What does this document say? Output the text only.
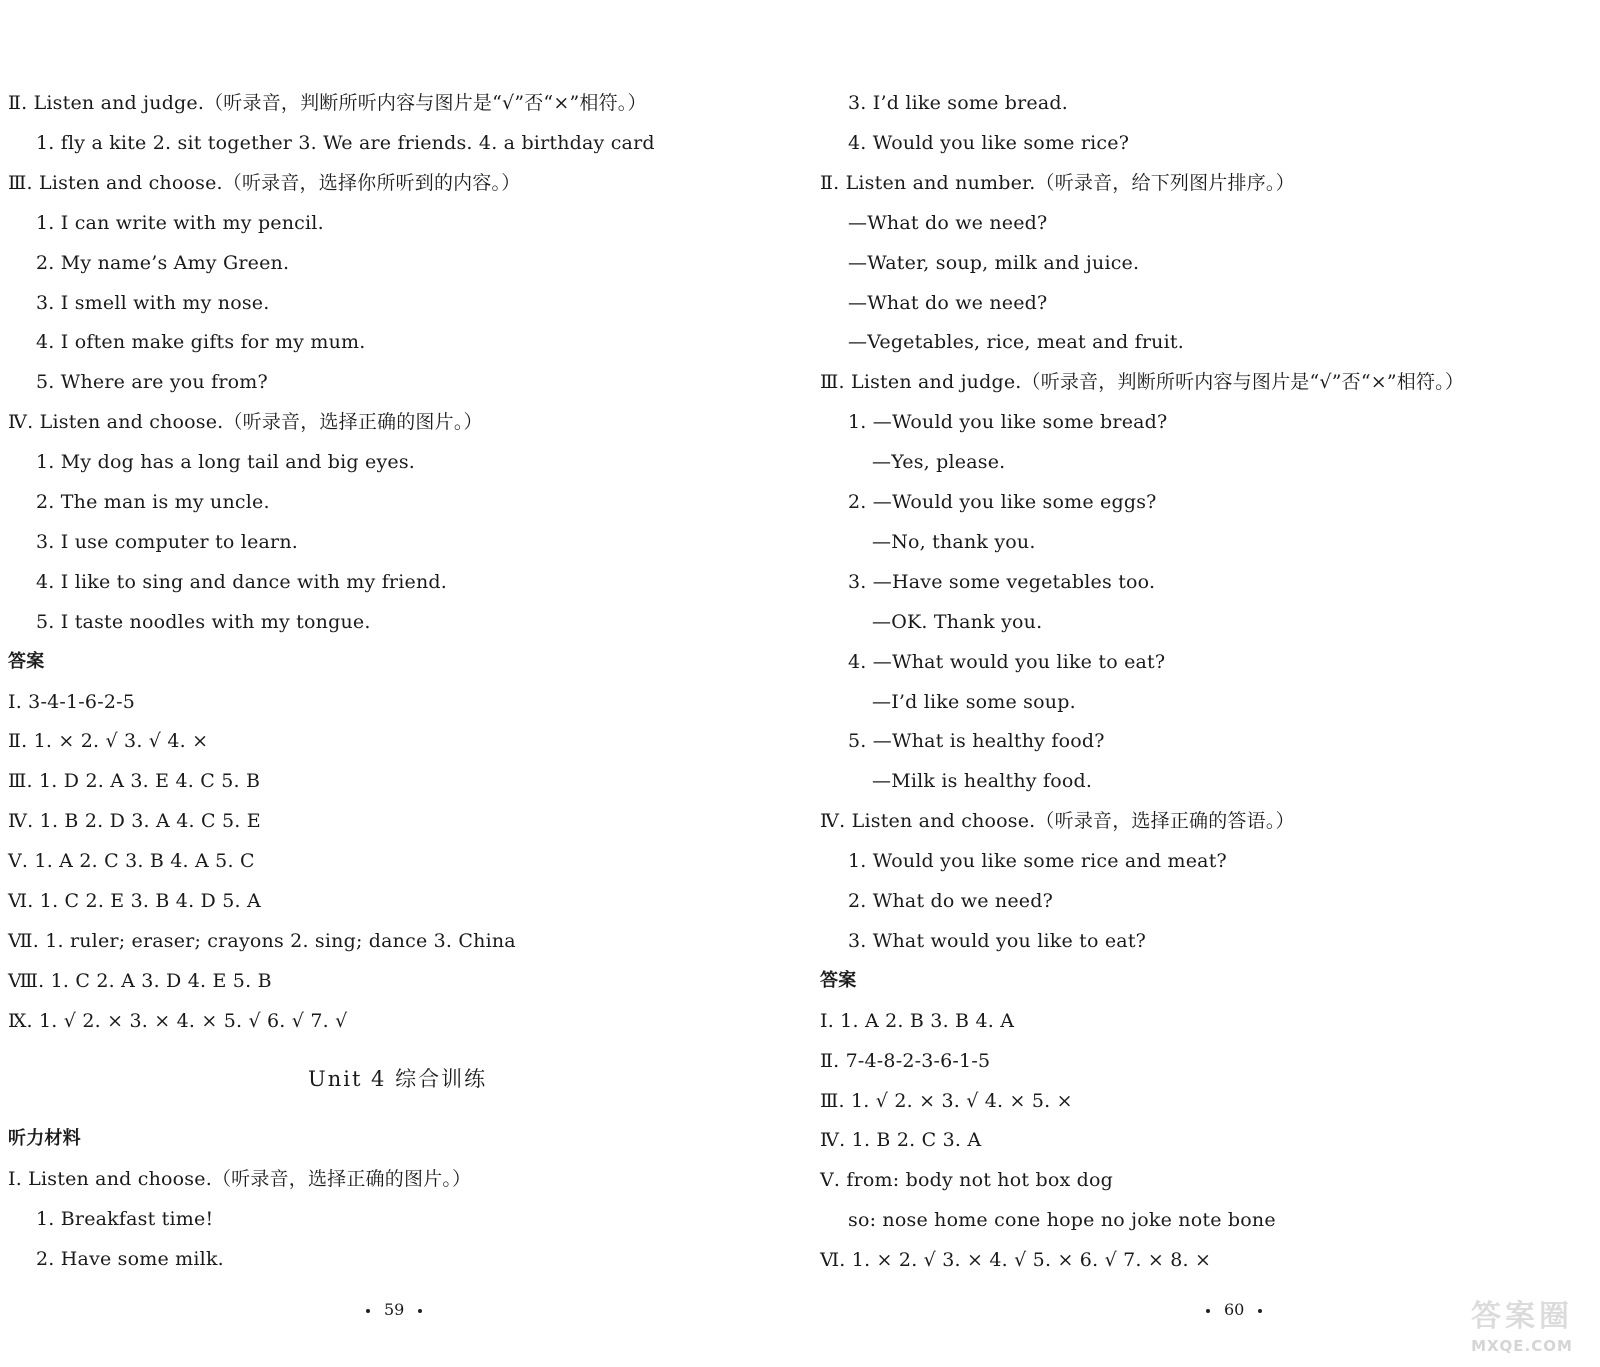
Ⅱ. Listen and judge.（听录音，判断所听内容与图片是“√”否“×”相符。）
1. fly a kite 2. sit together 3. We are friends. 4. a birthday card
Ⅲ. Listen and choose.（听录音，选择你所听到的内容。）
1. I can write with my pencil.
2. My name’s Amy Green.
3. I smell with my nose.
4. I often make gifts for my mum.
5. Where are you from?
Ⅳ. Listen and choose.（听录音，选择正确的图片。）
1. My dog has a long tail and big eyes.
2. The man is my uncle.
3. I use computer to learn.
4. I like to sing and dance with my friend.
5. I taste noodles with my tongue.
答案
Ⅰ. 3-4-1-6-2-5
Ⅱ. 1. × 2. √ 3. √ 4. ×
Ⅲ. 1. D 2. A 3. E 4. C 5. B
Ⅳ. 1. B 2. D 3. A 4. C 5. E
Ⅴ. 1. A 2. C 3. B 4. A 5. C
Ⅵ. 1. C 2. E 3. B 4. D 5. A
Ⅶ. 1. ruler; eraser; crayons 2. sing; dance 3. China
Ⅷ. 1. C 2. A 3. D 4. E 5. B
Ⅸ. 1. √ 2. × 3. × 4. × 5. √ 6. √ 7. √
Unit 4 综合训练
听力材料
Ⅰ. Listen and choose.（听录音，选择正确的图片。）
1. Breakfast time!
2. Have some milk.
59
3. I’d like some bread.
4. Would you like some rice?
Ⅱ. Listen and number.（听录音，给下列图片排序。）
—What do we need?
—Water, soup, milk and juice.
—What do we need?
—Vegetables, rice, meat and fruit.
Ⅲ. Listen and judge.（听录音，判断所听内容与图片是“√”否“×”相符。）
1. —Would you like some bread?
—Yes, please.
2. —Would you like some eggs?
—No, thank you.
3. —Have some vegetables too.
—OK. Thank you.
4. —What would you like to eat?
—I’d like some soup.
5. —What is healthy food?
—Milk is healthy food.
Ⅳ. Listen and choose.（听录音，选择正确的答语。）
1. Would you like some rice and meat?
2. What do we need?
3. What would you like to eat?
答案
Ⅰ. 1. A 2. B 3. B 4. A
Ⅱ. 7-4-8-2-3-6-1-5
Ⅲ. 1. √ 2. × 3. √ 4. × 5. ×
Ⅳ. 1. B 2. C 3. A
Ⅴ. from: body not hot box dog
so: nose home cone hope no joke note bone
Ⅵ. 1. × 2. √ 3. × 4. √ 5. × 6. √ 7. × 8. ×
60	答案圈
MXQE.COM
